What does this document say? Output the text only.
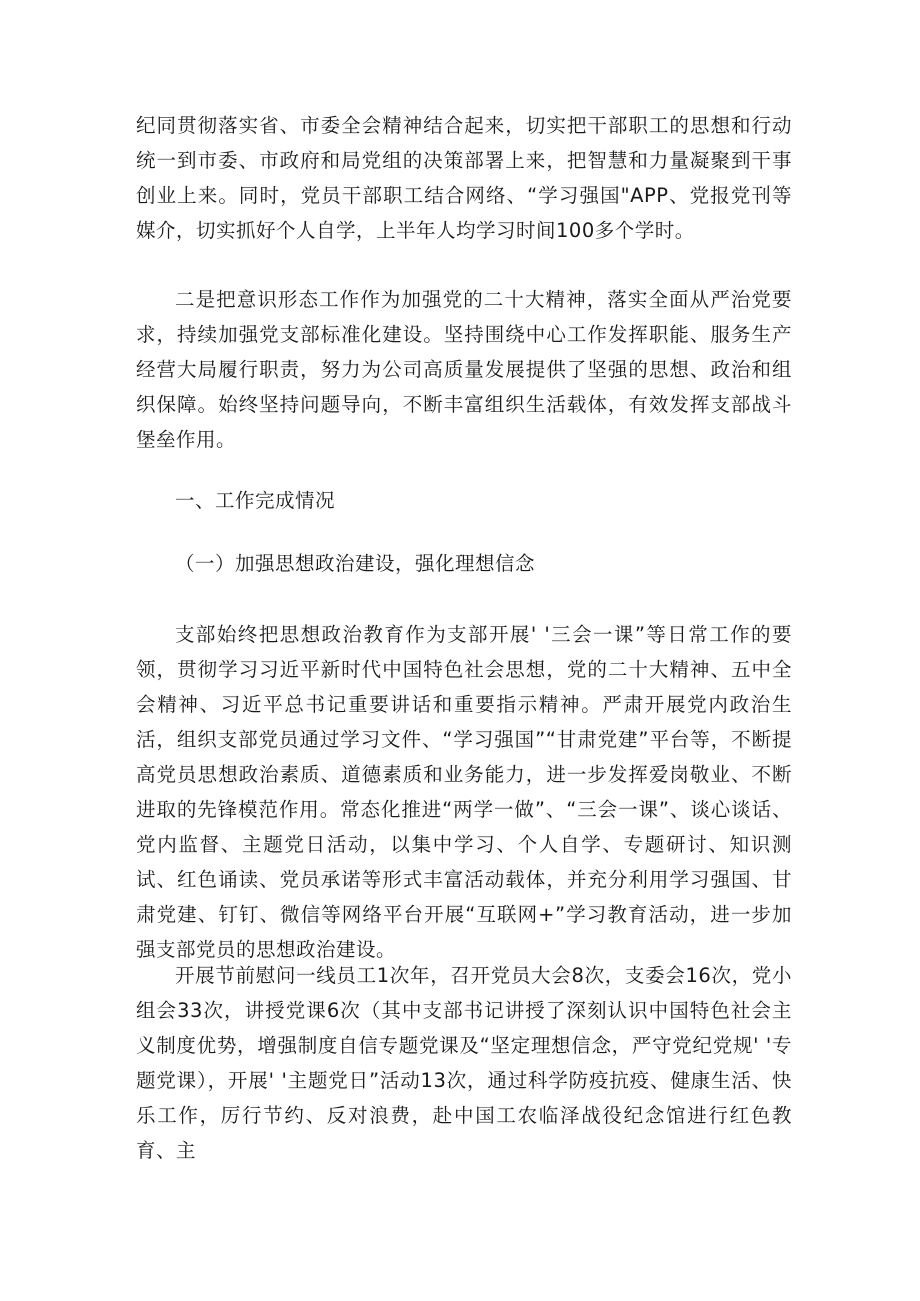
纪同贯彻落实省、市委全会精神结合起来，切实把干部职工的思想和行动统一到市委、市政府和局党组的决策部署上来，把智慧和力量凝聚到干事创业上来。同时，党员干部职工结合网络、“学习强国"APP、党报党刊等媒介，切实抓好个人自学，上半年人均学习时间100多个学时。

二是把意识形态工作作为加强党的二十大精神，落实全面从严治党要求，持续加强党支部标准化建设。坚持围绕中心工作发挥职能、服务生产经营大局履行职责，努力为公司高质量发展提供了坚强的思想、政治和组织保障。始终坚持问题导向，不断丰富组织生活载体，有效发挥支部战斗堡垒作用。

一、工作完成情况

（一）加强思想政治建设，强化理想信念

支部始终把思想政治教育作为支部开展' '三会一课”等日常工作的要领，贯彻学习习近平新时代中国特色社会思想，党的二十大精神、五中全会精神、习近平总书记重要讲话和重要指示精神。严肃开展党内政治生活，组织支部党员通过学习文件、“学习强国”“甘肃党建”平台等，不断提高党员思想政治素质、道德素质和业务能力，进一步发挥爱岗敬业、不断进取的先锋模范作用。常态化推进“两学一做”、“三会一课”、谈心谈话、党内监督、主题党日活动，以集中学习、个人自学、专题研讨、知识测试、红色诵读、党员承诺等形式丰富活动载体，并充分利用学习强国、甘肃党建、钉钉、微信等网络平台开展“互联网+”学习教育活动，进一步加强支部党员的思想政治建设。

开展节前慰问一线员工1次年，召开党员大会8次，支委会16次，党小组会33次，讲授党课6次（其中支部书记讲授了深刻认识中国特色社会主义制度优势，增强制度自信专题党课及“坚定理想信念，严守党纪党规' '专题党课），开展' '主题党日”活动13次，通过科学防疫抗疫、健康生活、快乐工作，厉行节约、反对浪费，赴中国工农临泽战役纪念馆进行红色教育、主
